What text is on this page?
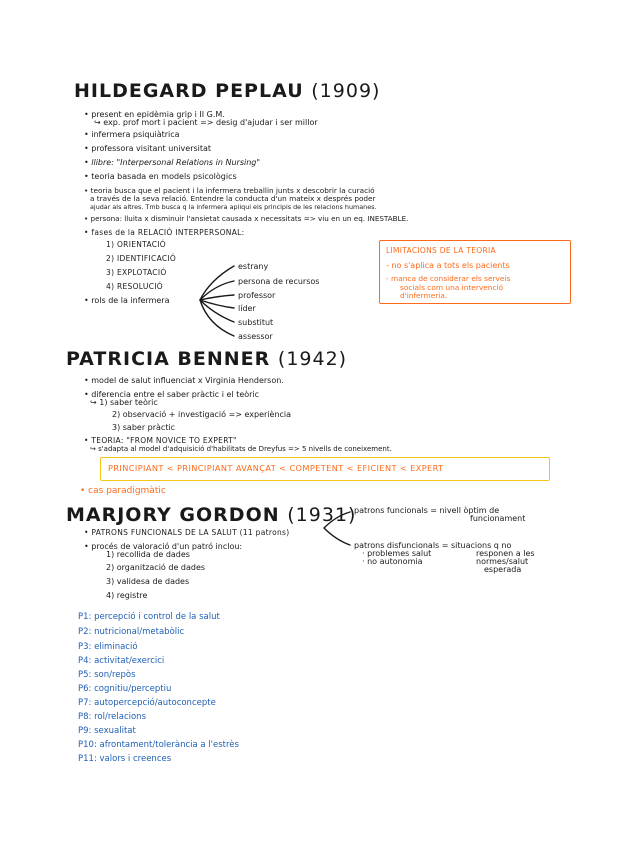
HILDEGARD PEPLAU (1909)
• present en epidèmia grip i II G.M.
↪ exp. prof mort i pacient => desig d'ajudar i ser millor
• infermera psiquiàtrica
• professora visitant universitat
• llibre: "Interpersonal Relations in Nursing"
• teoria basada en models psicològics
• teoria busca que el pacient i la infermera treballin junts x descobrir la curació
a través de la seva relació. Entendre la conducta d'un mateix x després poder
ajudar als altres. Tmb busca q la infermera apliqui els principis de les relacions humanes.
• persona: lluita x disminuir l'ansietat causada x necessitats => viu en un eq. INESTABLE.
• fases de la RELACIÓ INTERPERSONAL:
1) ORIENTACIÓ
2) IDENTIFICACIÓ
3) EXPLOTACIÓ
4) RESOLUCIÓ
• rols de la infermera
estrany
persona de recursos
professor
líder
substitut
assessor
LIMITACIONS DE LA TEORIA
- no s'aplica a tots els pacients
- manca de considerar els serveis
socials com una intervenció
d'infermeria.
PATRICIA BENNER (1942)
• model de salut influenciat x Virginia Henderson.
• diferencia entre el saber pràctic i el teòric
↪ 1) saber teòric
2) observació + investigació => experiència
3) saber pràctic
• TEORIA: "FROM NOVICE TO EXPERT"
↪ s'adapta al model d'adquisició d'habilitats de Dreyfus => 5 nivells de coneixement.
PRINCIPIANT < PRINCIPIANT AVANÇAT < COMPETENT < EFICIENT < EXPERT
• cas paradigmàtic
MARJORY GORDON (1931)
• PATRONS FUNCIONALS DE LA SALUT (11 patrons)
• procés de valoració d'un patró inclou:
1) recollida de dades
2) organització de dades
3) validesa de dades
4) registre
patrons funcionals = nivell òptim de
funcionament
patrons disfuncionals = situacions q no
· problemes salut
· no autonomia
responen a les
normes/salut
esperada
P1: percepció i control de la salut
P2: nutricional/metabòlic
P3: eliminació
P4: activitat/exercici
P5: son/repòs
P6: cognitiu/perceptiu
P7: autopercepció/autoconcepte
P8: rol/relacions
P9: sexualitat
P10: afrontament/tolerància a l'estrès
P11: valors i creences
